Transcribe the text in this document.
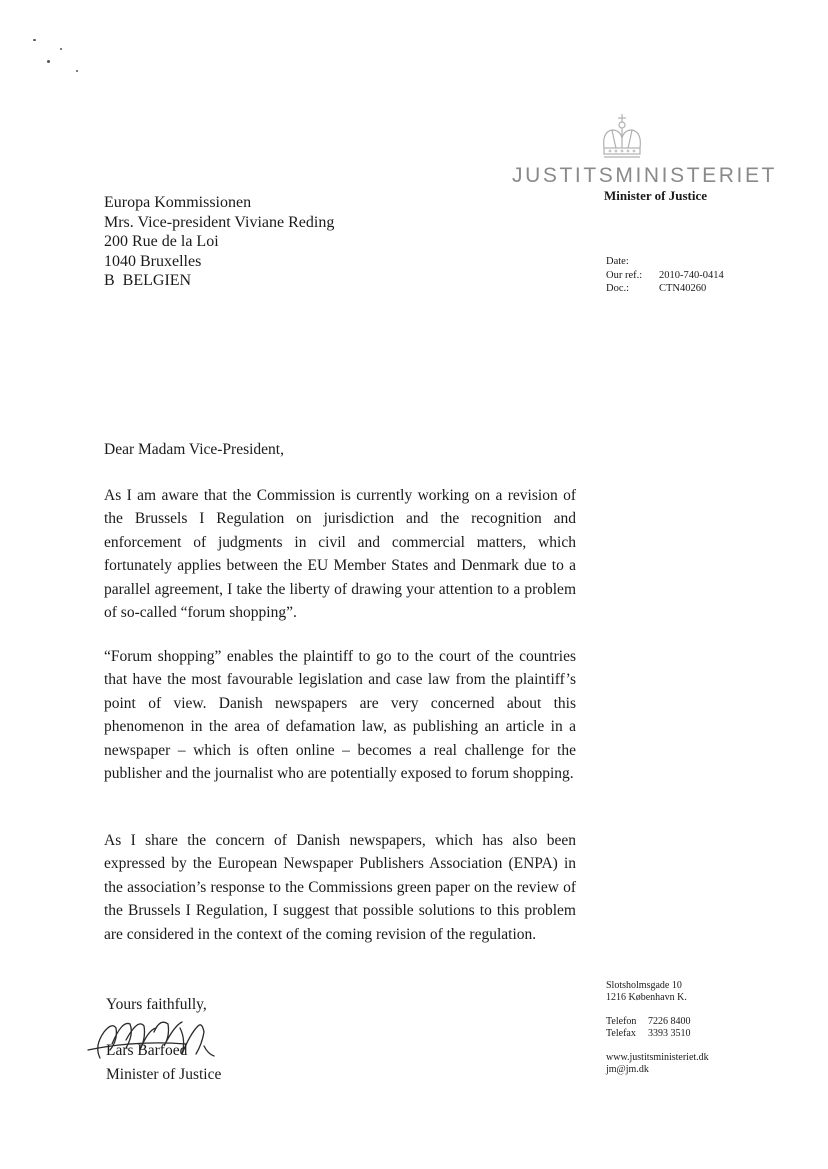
JUSTITSMINISTERIET
Minister of Justice
Europa Kommissionen
Mrs. Vice-president Viviane Reding
200 Rue de la Loi
1040 Bruxelles
B  BELGIEN
Date:
Our ref.:	2010-740-0414
Doc.:	CTN40260
Dear Madam Vice-President,

As I am aware that the Commission is currently working on a revision of the Brussels I Regulation on jurisdiction and the recognition and enforcement of judgments in civil and commercial matters, which fortunately applies between the EU Member States and Denmark due to a parallel agreement, I take the liberty of drawing your attention to a problem of so-called “forum shopping”.

“Forum shopping” enables the plaintiff to go to the court of the countries that have the most favourable legislation and case law from the plaintiff’s point of view. Danish newspapers are very concerned about this phenomenon in the area of defamation law, as publishing an article in a newspaper – which is often online – becomes a real challenge for the publisher and the journalist who are potentially exposed to forum shopping.

As I share the concern of Danish newspapers, which has also been expressed by the European Newspaper Publishers Association (ENPA) in the association’s response to the Commissions green paper on the review of the Brussels I Regulation, I suggest that possible solutions to this problem are considered in the context of the coming revision of the regulation.

Yours faithfully,
Lars Barfoed
Minister of Justice
Slotsholmsgade 10
1216 København K.
Telefon	7226 8400
Telefax	3393 3510
www.justitsministeriet.dk
jm@jm.dk
